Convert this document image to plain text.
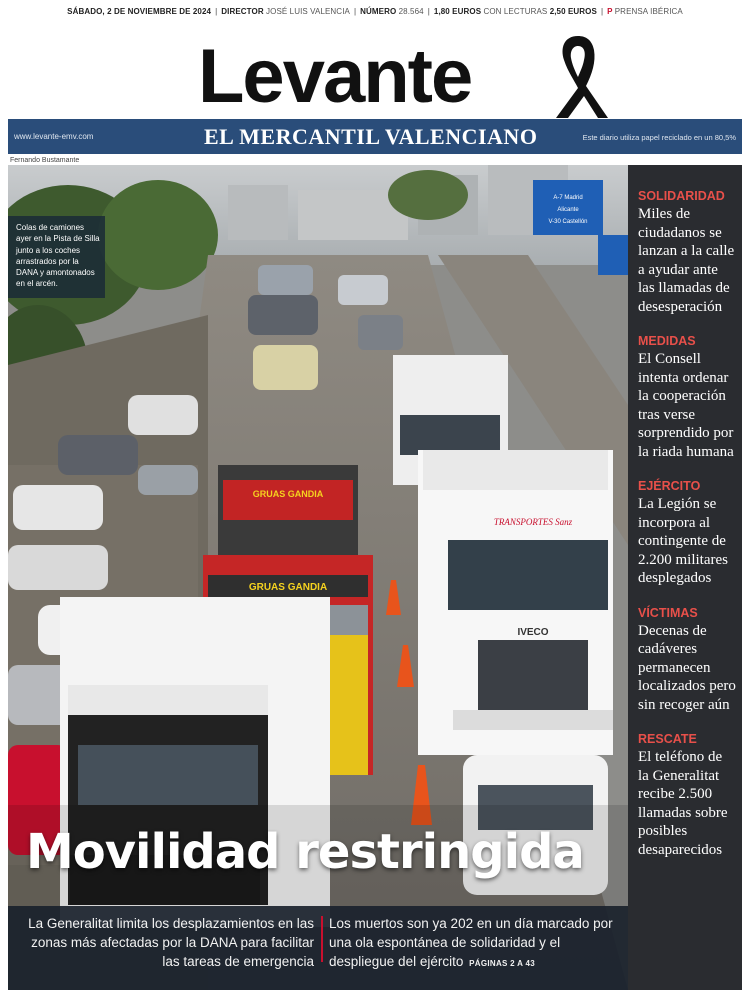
SÁBADO, 2 DE NOVIEMBRE DE 2024 | DIRECTOR JOSÉ LUIS VALENCIA | NÚMERO 28.564 | 1,80 EUROS CON LECTURAS 2,50 EUROS | P PRENSA IBÉRICA
Levante
www.levante-emv.com	EL MERCANTIL VALENCIANO	Este diario utiliza papel reciclado en un 80,5%
Fernando Bustamante
GRUAS GANDIA
GRUAS GANDIA
TRANSPORTES Sanz
IVECO
A-7 Madrid
Alicante
V-30 Castellón
Movilidad restringida
Colas de camiones ayer en la Pista de Silla junto a los coches arrastrados por la DANA y amontonados en el arcén.
La Generalitat limita los desplazamientos en las zonas más afectadas por la DANA para facilitar las tareas de emergencia
Los muertos son ya 202 en un día marcado por una ola espontánea de solidaridad y el despliegue del ejército PÁGINAS 2 A 43
SOLIDARIDAD
Miles de ciudadanos se lanzan a la calle a ayudar ante las llamadas de desesperación
MEDIDAS
El Consell intenta ordenar la cooperación tras verse sorprendido por la riada humana
EJÉRCITO
La Legión se incorpora al contingente de 2.200 militares desplegados
VÍCTIMAS
Decenas de cadáveres permanecen localizados pero sin recoger aún
RESCATE
El teléfono de la Generalitat recibe 2.500 llamadas sobre posibles desaparecidos
